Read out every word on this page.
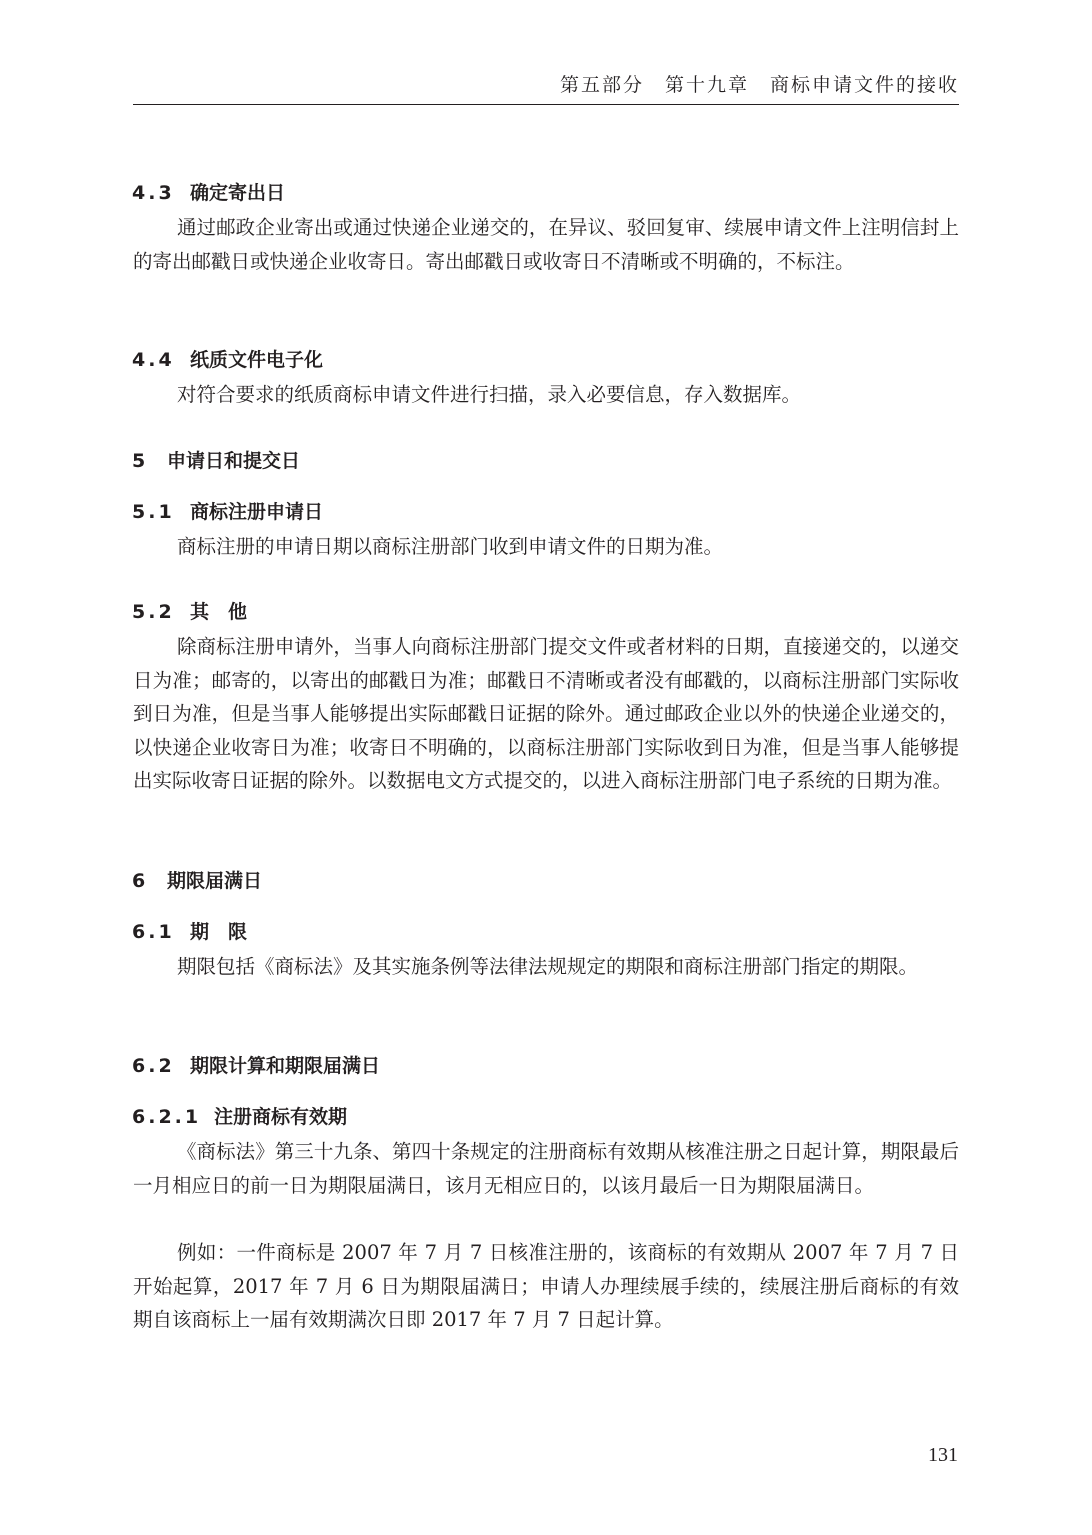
第五部分　第十九章　商标申请文件的接收
4.3 确定寄出日

通过邮政企业寄出或通过快递企业递交的，在异议、驳回复审、续展申请文件上注明信封上的寄出邮戳日或快递企业收寄日。寄出邮戳日或收寄日不清晰或不明确的，不标注。

4.4 纸质文件电子化

对符合要求的纸质商标申请文件进行扫描，录入必要信息，存入数据库。

5 申请日和提交日
5.1 商标注册申请日

商标注册的申请日期以商标注册部门收到申请文件的日期为准。

5.2 其　他

除商标注册申请外，当事人向商标注册部门提交文件或者材料的日期，直接递交的，以递交日为准；邮寄的，以寄出的邮戳日为准；邮戳日不清晰或者没有邮戳的，以商标注册部门实际收到日为准，但是当事人能够提出实际邮戳日证据的除外。通过邮政企业以外的快递企业递交的，以快递企业收寄日为准；收寄日不明确的，以商标注册部门实际收到日为准，但是当事人能够提出实际收寄日证据的除外。以数据电文方式提交的，以进入商标注册部门电子系统的日期为准。

6 期限届满日
6.1 期　限

期限包括《商标法》及其实施条例等法律法规规定的期限和商标注册部门指定的期限。

6.2 期限计算和期限届满日
6.2.1 注册商标有效期

《商标法》第三十九条、第四十条规定的注册商标有效期从核准注册之日起计算，期限最后一月相应日的前一日为期限届满日，该月无相应日的，以该月最后一日为期限届满日。

例如：一件商标是 2007 年 7 月 7 日核准注册的，该商标的有效期从 2007 年 7 月 7 日开始起算，2017 年 7 月 6 日为期限届满日；申请人办理续展手续的，续展注册后商标的有效期自该商标上一届有效期满次日即 2017 年 7 月 7 日起计算。

131
